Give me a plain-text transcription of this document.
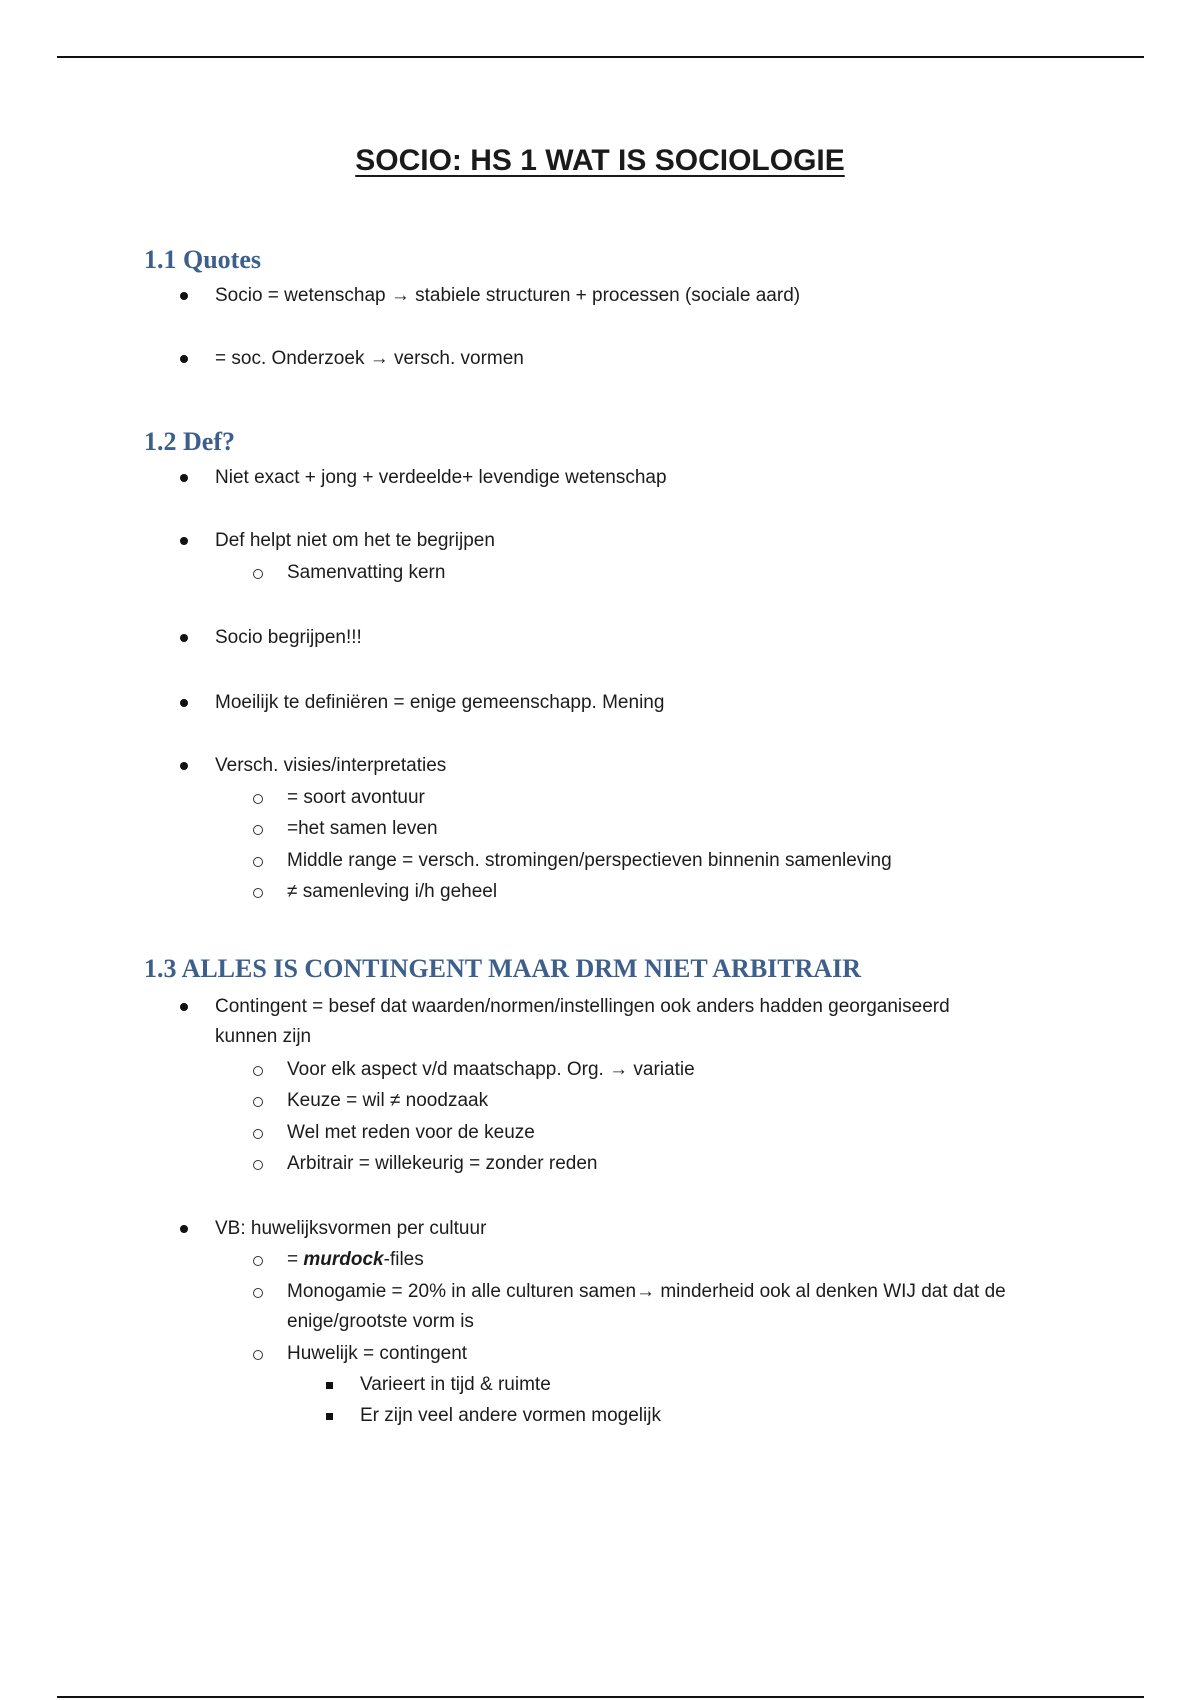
SOCIO: HS 1 WAT IS SOCIOLOGIE
1.1 Quotes
Socio = wetenschap → stabiele structuren + processen (sociale aard)
= soc. Onderzoek → versch. vormen
1.2 Def?
Niet exact + jong + verdeelde+ levendige wetenschap
Def helpt niet om het te begrijpen
Samenvatting kern
Socio begrijpen!!!
Moeilijk te definiëren = enige gemeenschapp. Mening
Versch. visies/interpretaties
= soort avontuur
=het samen leven
Middle range = versch. stromingen/perspectieven binnenin samenleving
≠ samenleving i/h geheel
1.3 ALLES IS CONTINGENT MAAR DRM NIET ARBITRAIR
Contingent = besef dat waarden/normen/instellingen ook anders hadden georganiseerd
kunnen zijn
Voor elk aspect v/d maatschapp. Org. → variatie
Keuze = wil ≠ noodzaak
Wel met reden voor de keuze
Arbitrair = willekeurig = zonder reden
VB: huwelijksvormen per cultuur
= murdock-files
Monogamie = 20% in alle culturen samen→ minderheid ook al denken WIJ dat dat de
enige/grootste vorm is
Huwelijk = contingent
Varieert in tijd & ruimte
Er zijn veel andere vormen mogelijk
